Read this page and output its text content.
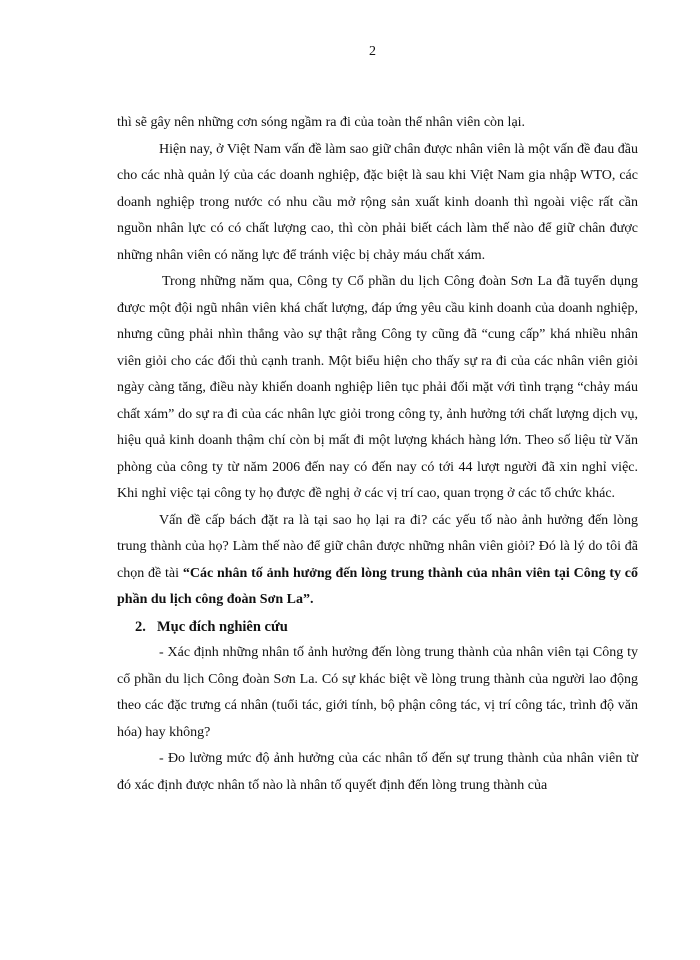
2

thì sẽ gây nên những cơn sóng ngầm ra đi của toàn thể nhân viên còn lại.

Hiện nay, ở Việt Nam vấn đề làm sao giữ chân được nhân viên là một vấn đề đau đầu cho các nhà quản lý của các doanh nghiệp, đặc biệt là sau khi Việt Nam gia nhập WTO, các doanh nghiệp trong nước có nhu cầu mở rộng sản xuất kinh doanh thì ngoài việc rất cần nguồn nhân lực có có chất lượng cao, thì còn phải biết cách làm thế nào để giữ chân được những nhân viên có năng lực để tránh việc bị chảy máu chất xám.

Trong những năm qua, Công ty Cổ phần du lịch Công đoàn Sơn La đã tuyển dụng được một đội ngũ nhân viên khá chất lượng, đáp ứng yêu cầu kinh doanh của doanh nghiệp, nhưng cũng phải nhìn thẳng vào sự thật rằng Công ty cũng đã “cung cấp” khá nhiều nhân viên giỏi cho các đối thủ cạnh tranh. Một biểu hiện cho thấy sự ra đi của các nhân viên giỏi ngày càng tăng, điều này khiến doanh nghiệp liên tục phải đối mặt với tình trạng “chảy máu chất xám” do sự ra đi của các nhân lực giỏi trong công ty, ảnh hưởng tới chất lượng dịch vụ, hiệu quả kinh doanh thậm chí còn bị mất đi một lượng khách hàng lớn. Theo số liệu từ Văn phòng của công ty từ năm 2006 đến nay có đến nay có tới 44 lượt người đã xin nghỉ việc. Khi nghỉ việc tại công ty họ được đề nghị ở các vị trí cao, quan trọng ở các tổ chức khác.

Vấn đề cấp bách đặt ra là tại sao họ lại ra đi? các yếu tố nào ảnh hưởng đến lòng trung thành của họ? Làm thế nào để giữ chân được những nhân viên giỏi? Đó là lý do tôi đã chọn đề tài “Các nhân tố ảnh hưởng đến lòng trung thành của nhân viên tại Công ty cổ phần du lịch công đoàn Sơn La”.

2. Mục đích nghiên cứu

- Xác định những nhân tố ảnh hưởng đến lòng trung thành của nhân viên tại Công ty cổ phần du lịch Công đoàn Sơn La. Có sự khác biệt về lòng trung thành của người lao động theo các đặc trưng cá nhân (tuổi tác, giới tính, bộ phận công tác, vị trí công tác, trình độ văn hóa) hay không?

- Đo lường mức độ ảnh hưởng của các nhân tố đến sự trung thành của nhân viên từ đó xác định được nhân tố nào là nhân tố quyết định đến lòng trung thành của
